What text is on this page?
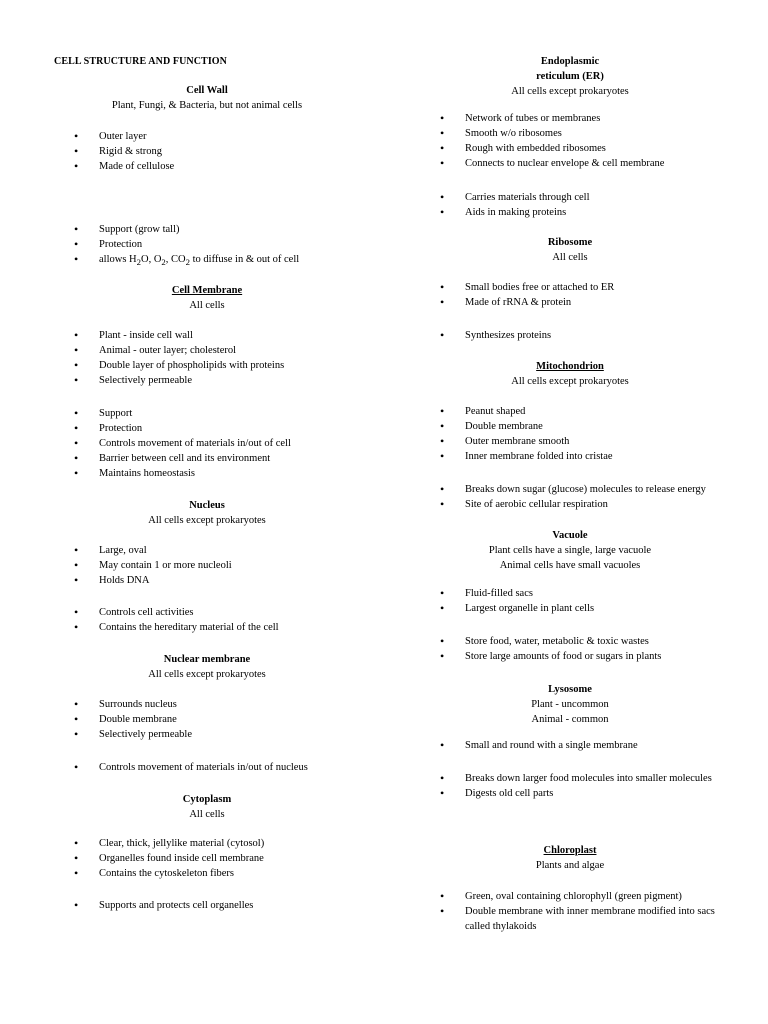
CELL STRUCTURE AND FUNCTION
Cell Wall
Plant, Fungi, & Bacteria, but not animal cells
• Outer layer
• Rigid & strong
• Made of cellulose
• Support (grow tall)
• Protection
• allows $H_2O$, $O_2$, $CO_2$ to diffuse in & out of cell
Cell Membrane
All cells
• Plant - inside cell wall
• Animal - outer layer; cholesterol
• Double layer of phospholipids with proteins
• Selectively permeable
• Support
• Protection
• Controls movement of materials in/out of cell
• Barrier between cell and its environment
• Maintains homeostasis
Nucleus
All cells except prokaryotes
• Large, oval
• May contain 1 or more nucleoli
• Holds DNA
• Controls cell activities
• Contains the hereditary material of the cell
Nuclear membrane
All cells except prokaryotes
• Surrounds nucleus
• Double membrane
• Selectively permeable
• Controls movement of materials in/out of nucleus
Cytoplasm
All cells
• Clear, thick, jellylike material (cytosol)
• Organelles found inside cell membrane
• Contains the cytoskeleton fibers
• Supports and protects cell organelles
Endoplasmic
reticulum (ER)
All cells except prokaryotes
• Network of tubes or membranes
• Smooth w/o ribosomes
• Rough with embedded ribosomes
• Connects to nuclear envelope & cell membrane
• Carries materials through cell
• Aids in making proteins
Ribosome
All cells
• Small bodies free or attached to ER
• Made of rRNA & protein
• Synthesizes proteins
Mitochondrion
All cells except prokaryotes
• Peanut shaped
• Double membrane
• Outer membrane smooth
• Inner membrane folded into cristae
• Breaks down sugar (glucose) molecules to release energy
• Site of aerobic cellular respiration
Vacuole
Plant cells have a single, large vacuole
Animal cells have small vacuoles
• Fluid-filled sacs
• Largest organelle in plant cells
• Store food, water, metabolic & toxic wastes
• Store large amounts of food or sugars in plants
Lysosome
Plant - uncommon
Animal - common
• Small and round with a single membrane
• Breaks down larger food molecules into smaller molecules
• Digests old cell parts
Chloroplast
Plants and algae
• Green, oval containing chlorophyll (green pigment)
• Double membrane with inner membrane modified into sacs called thylakoids
